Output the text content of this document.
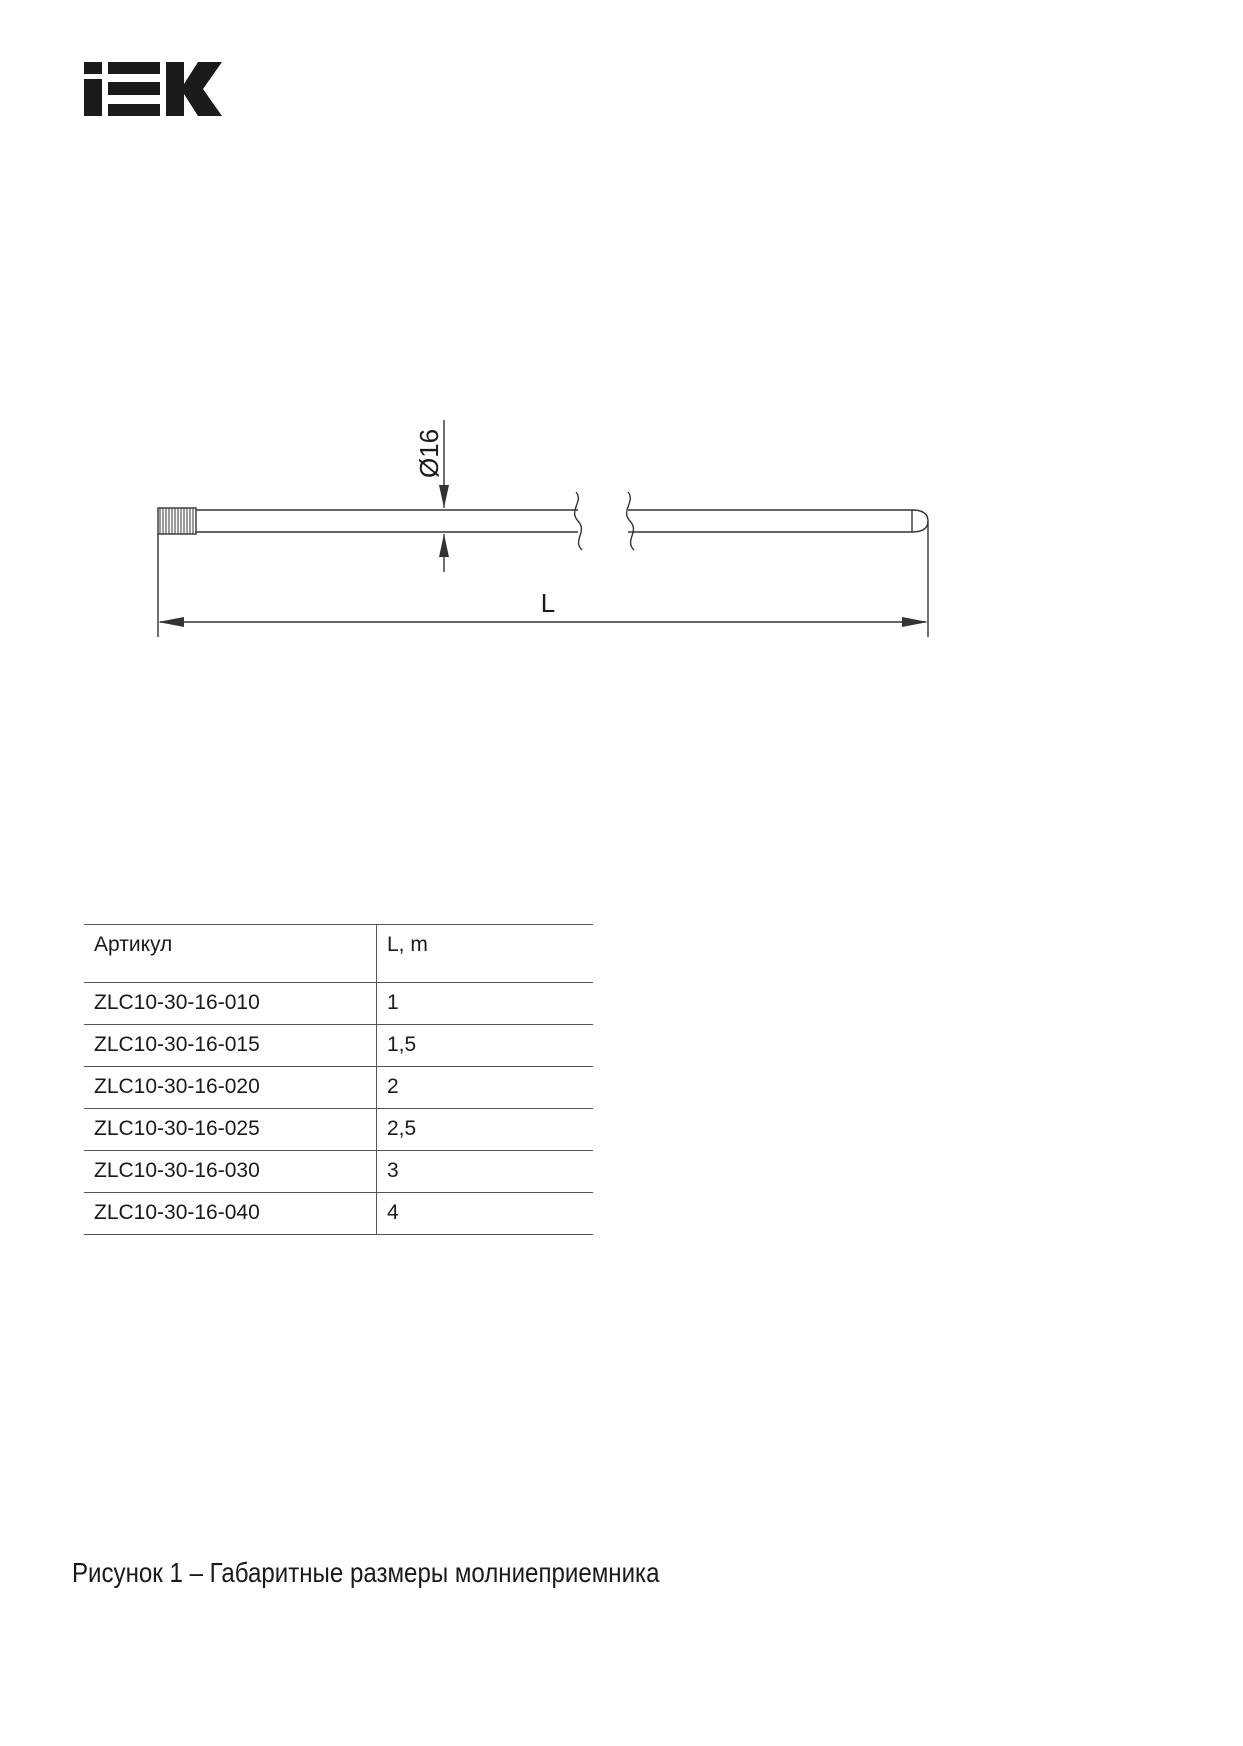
Ø16
L
Артикул	L, m
ZLC10-30-16-010	1
ZLC10-30-16-015	1,5
ZLC10-30-16-020	2
ZLC10-30-16-025	2,5
ZLC10-30-16-030	3
ZLC10-30-16-040	4
Рисунок 1 – Габаритные размеры молниеприемника
